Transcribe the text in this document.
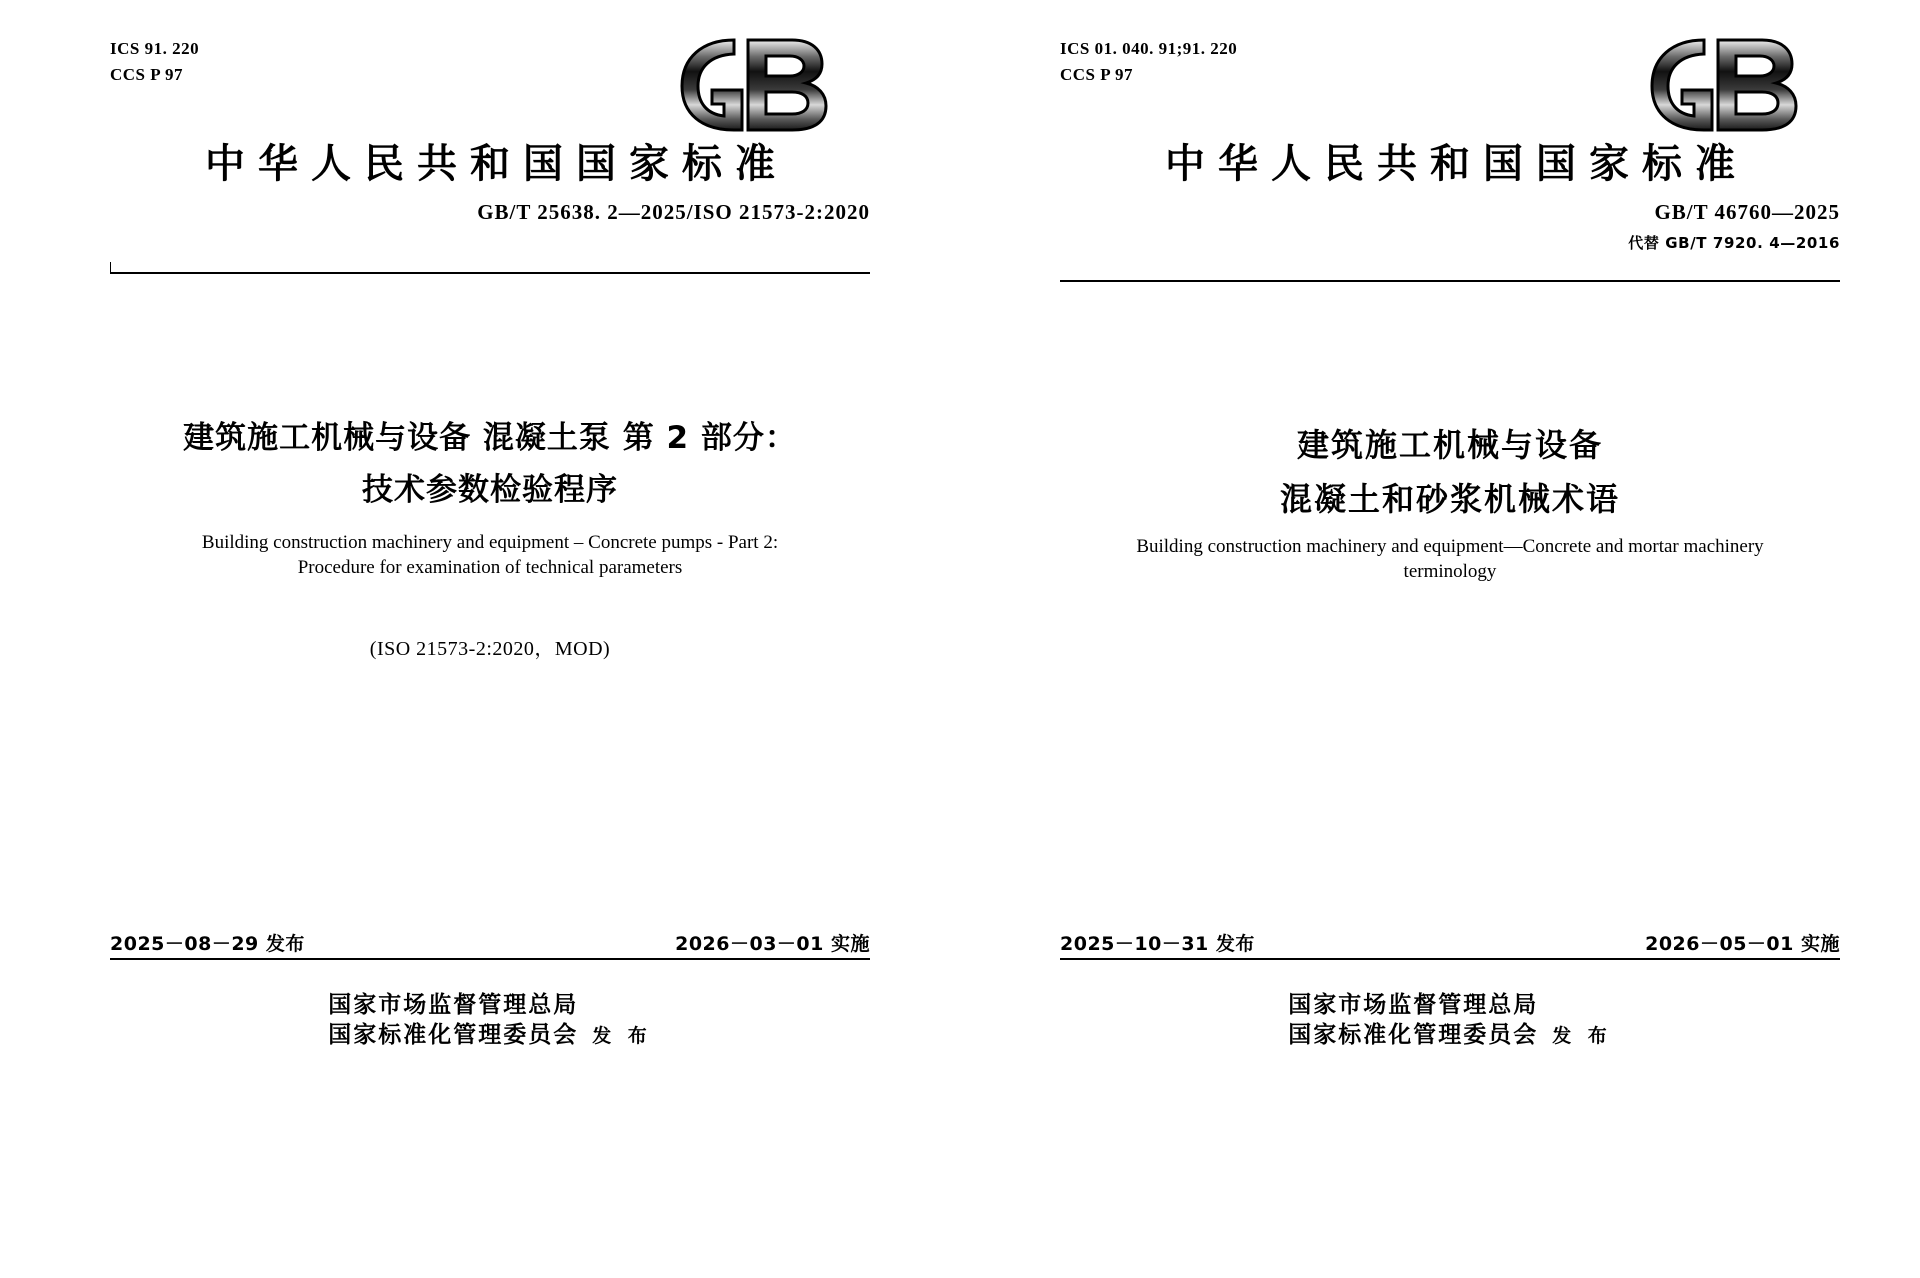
ICS 91. 220
CCS P 97
中华人民共和国国家标准
GB/T 25638. 2—2025/ISO 21573-2:2020
建筑施工机械与设备 混凝土泵 第 2 部分：
技术参数检验程序
Building construction machinery and equipment – Concrete pumps - Part 2:
Procedure for examination of technical parameters
(ISO 21573-2:2020，MOD)
2025－08－29 发布	2026－03－01 实施
国家市场监督管理总局
国家标准化管理委员会 发 布
ICS 01. 040. 91;91. 220
CCS P 97
中华人民共和国国家标准
GB/T 46760—2025
代替 GB/T 7920. 4—2016
建筑施工机械与设备
混凝土和砂浆机械术语
Building construction machinery and equipment—Concrete and mortar machinery
terminology
2025－10－31 发布	2026－05－01 实施
国家市场监督管理总局
国家标准化管理委员会 发 布
